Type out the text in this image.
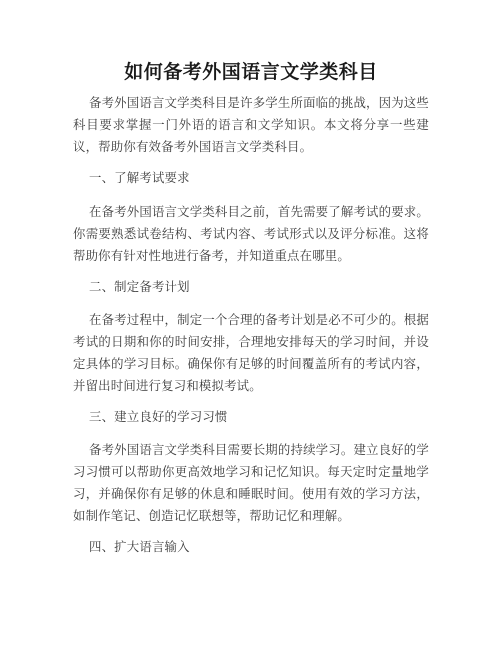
如何备考外国语言文学类科目
备考外国语言文学类科目是许多学生所面临的挑战，因为这些科目要求掌握一门外语的语言和文学知识。本文将分享一些建议，帮助你有效备考外国语言文学类科目。
一、了解考试要求
在备考外国语言文学类科目之前，首先需要了解考试的要求。你需要熟悉试卷结构、考试内容、考试形式以及评分标准。这将帮助你有针对性地进行备考，并知道重点在哪里。
二、制定备考计划
在备考过程中，制定一个合理的备考计划是必不可少的。根据考试的日期和你的时间安排，合理地安排每天的学习时间，并设定具体的学习目标。确保你有足够的时间覆盖所有的考试内容，并留出时间进行复习和模拟考试。
三、建立良好的学习习惯
备考外国语言文学类科目需要长期的持续学习。建立良好的学习习惯可以帮助你更高效地学习和记忆知识。每天定时定量地学习，并确保你有足够的休息和睡眠时间。使用有效的学习方法，如制作笔记、创造记忆联想等，帮助记忆和理解。
四、扩大语言输入
